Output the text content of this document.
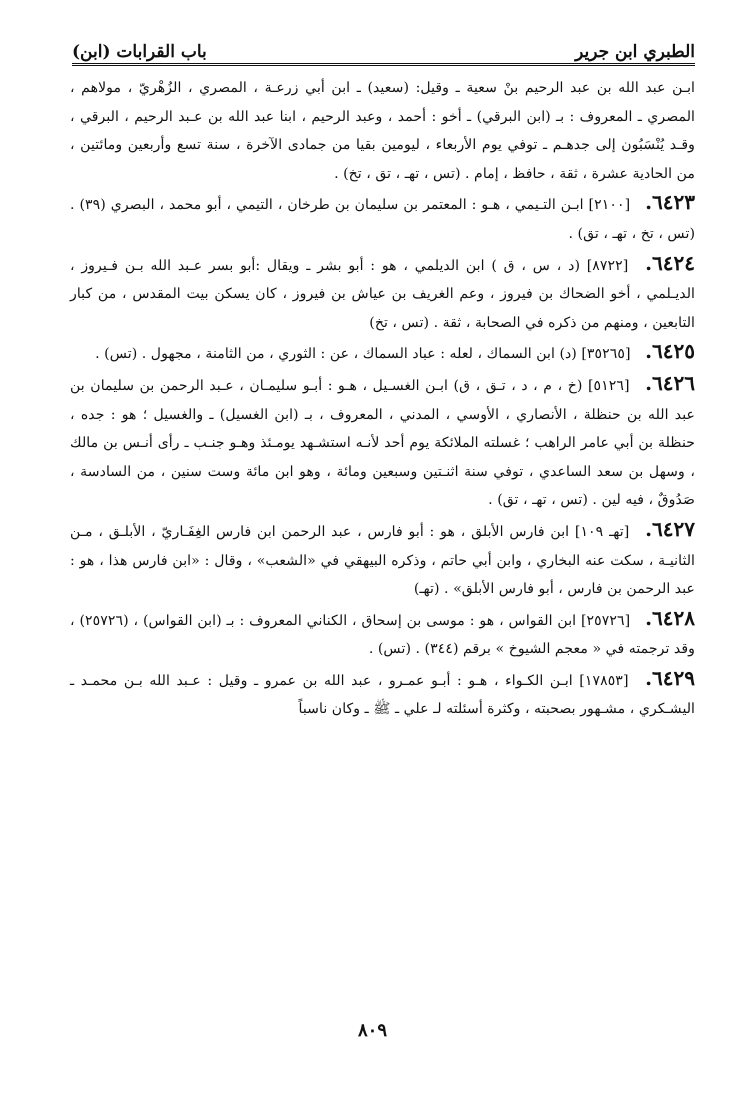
الطبري ابن جرير
باب القرابات (ابن)

ابـن عبد الله بن عبد الرحيم بنْ سعية ـ وقيل: (سعيد) ـ ابن أبي زرعـة ، المصري ، الزُهْريّ ، مولاهم ، المصري ـ المعروف : بـ (ابن البرقي) ـ أخو : أحمد ، وعبد الرحيم ، ابنا عبد الله بن عـبد الرحيم ، البرقي ، وقـد يُنْسَبُون إلى جدهـم ـ توفي يوم الأربعاء ، ليومين بقيا من جمادى الآخرة ، سنة تسع وأربعين ومائتين ، من الحادية عشرة ، ثقة ، حافظ ، إمام . (تس ، تهـ ، تق ، تخ) .

٦٤٢٣. [٢١٠٠] ابـن التـيمي ، هـو : المعتمر بن سليمان بن طرخان ، التيمي ، أبو محمد ، البصري (٣٩) . (تس ، تخ ، تهـ ، تق) .

٦٤٢٤. [٨٧٢٢] (د ، س ، ق ) ابن الديلمي ، هو : أبو بشر ـ ويقال :أبو بسر عـبد الله بـن فـيروز ، الديـلمي ، أخو الضحاك بن فيروز ، وعم الغريف بن عياش بن فيروز ، كان يسكن بيت المقدس ، من كبار التابعين ، ومنهم من ذكره في الصحابة ، ثقة . (تس ، تخ)

٦٤٢٥. [٣٥٢٦٥] (د) ابن السماك ، لعله : عباد السماك ، عن : الثوري ، من الثامنة ، مجهول . (تس) .

٦٤٢٦. [٥١٢٦] (خ ، م ، د ، تـق ، ق) ابـن الغسـيل ، هـو : أبـو سليمـان ، عـبد الرحمن بن سليمان بن عبد الله بن حنظلة ، الأنصاري ، الأوسي ، المدني ، المعروف ، بـ (ابن الغسيل) ـ والغسيل ؛ هو : جده ، حنظلة بن أبي عامر الراهب ؛ غسلته الملائكة يوم أحد لأنـه استشـهد يومـئذ وهـو جنـب ـ رأى أنـس بن مالك ، وسهل بن سعد الساعدي ، توفي سنة اثنـتين وسبعين ومائة ، وهو ابن مائة وست سنين ، من السادسة ، صَدُوقٌ ، فيه لين . (تس ، تهـ ، تق) .

٦٤٢٧. [تهـ ١٠٩] ابن فارس الأبلق ، هو : أبو فارس ، عبد الرحمن ابن فارس الغِفَـاريّ ، الأبلـق ، مـن الثانيـة ، سكت عنه البخاري ، وابن أبي حاتم ، وذكره البيهقي في «الشعب» ، وقال : «ابن فارس هذا ، هو : عبد الرحمن بن فارس ، أبو فارس الأبلق» . (تهـ)

٦٤٢٨. [٢٥٧٢٦] ابن القواس ، هو : موسى بن إسحاق ، الكناني المعروف : بـ (ابن القواس) ، (٢٥٧٢٦) ، وقد ترجمته في « معجم الشيوخ » برقم (٣٤٤) . (تس) .

٦٤٢٩. [١٧٨٥٣] ابـن الكـواء ، هـو : أبـو عمـرو ، عبد الله بن عمرو ـ وقيل : عـبد الله بـن محمـد ـ اليشـكري ، مشـهور بصحبته ، وكثرة أسئلته لـ علي ـ ﷺ ـ وكان ناسباً

٨٠٩
